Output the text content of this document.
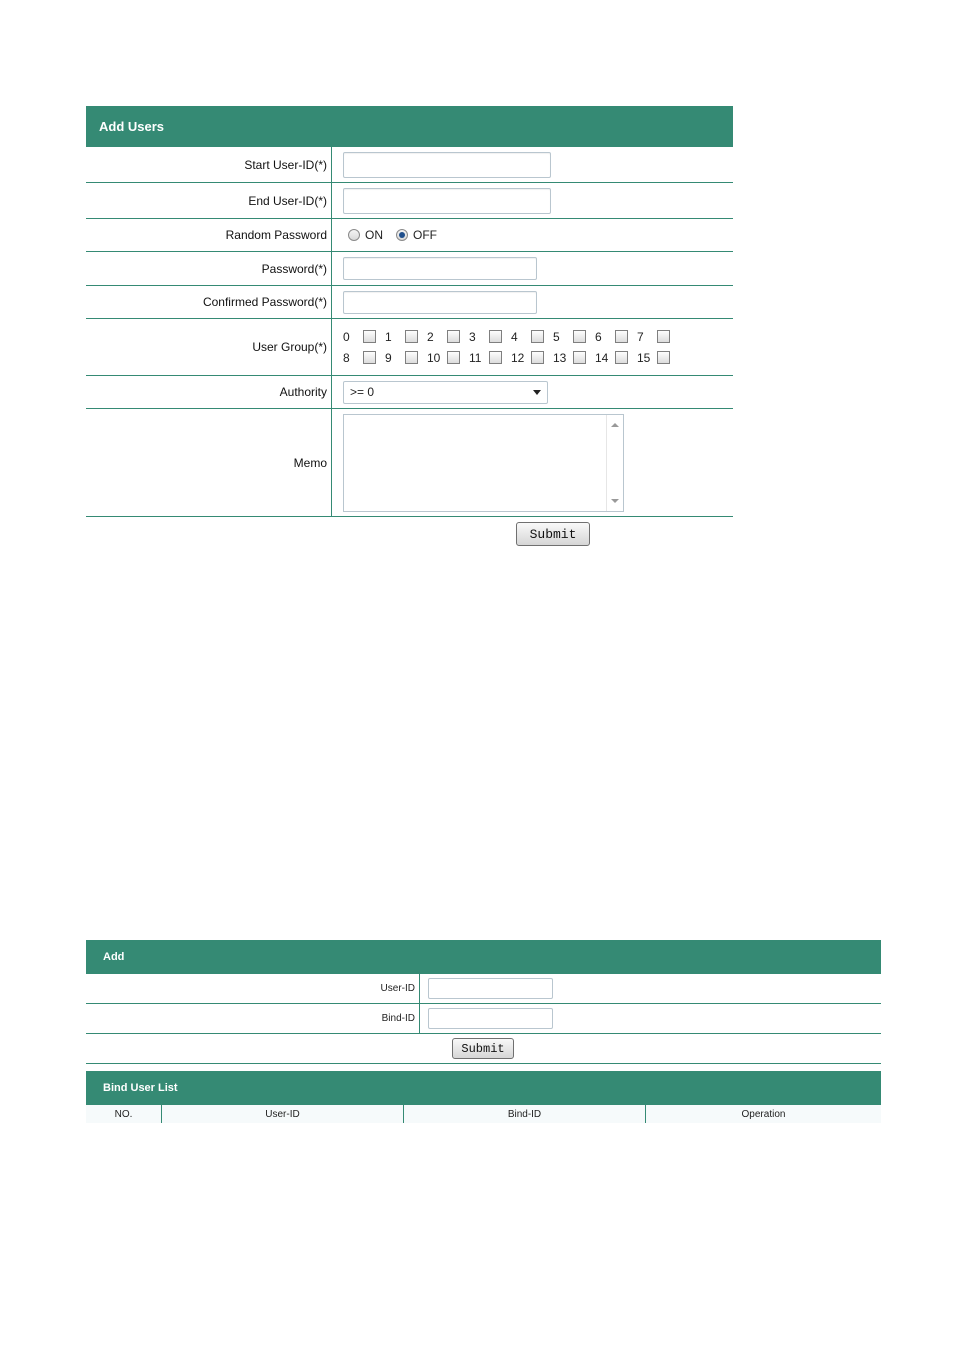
Add Users
Start User-ID(*)
End User-ID(*)
Random Password	ON	OFF
Password(*)
Confirmed Password(*)
User Group(*)
0	1	2	3	4	5	6	7
8	9	10	11	12	13	14	15
Authority	>= 0
Memo
Submit
Add
User-ID
Bind-ID
Submit
Bind User List
NO.	User-ID	Bind-ID	Operation
